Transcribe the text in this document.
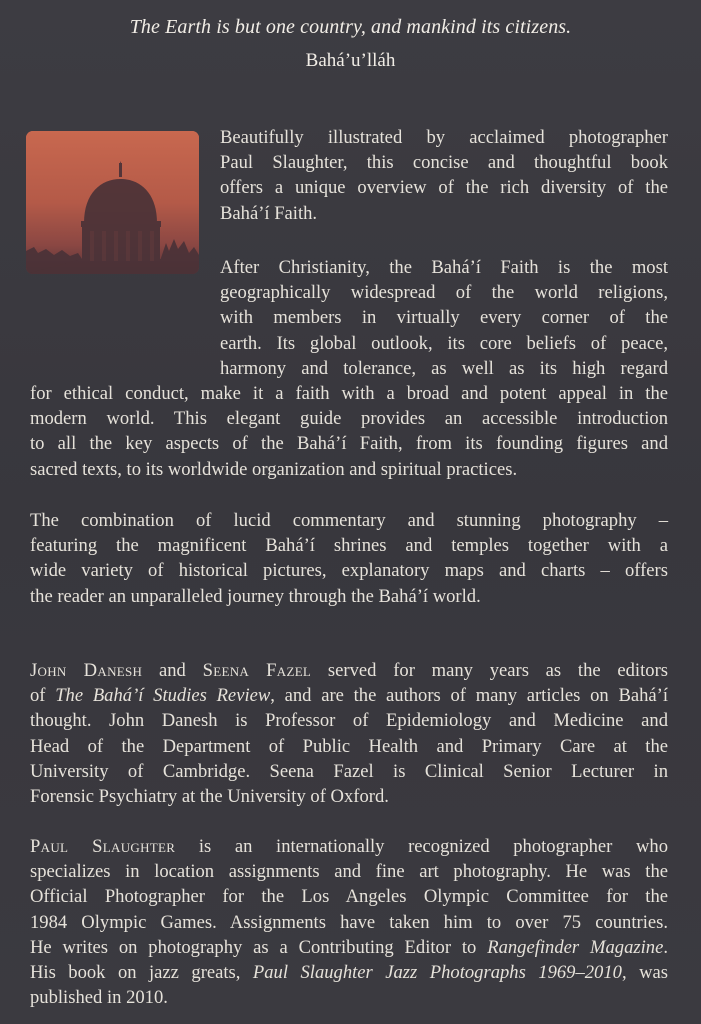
The Earth is but one country, and mankind its citizens.
Bahá’u’lláh
Beautifully illustrated by acclaimed photographer
Paul Slaughter, this concise and thoughtful book
offers a unique overview of the rich diversity of the
Bahá’í Faith.
After Christianity, the Bahá’í Faith is the most
geographically widespread of the world religions,
with members in virtually every corner of the
earth. Its global outlook, its core beliefs of peace,
harmony and tolerance, as well as its high regard
for ethical conduct, make it a faith with a broad and potent appeal in the
modern world. This elegant guide provides an accessible introduction
to all the key aspects of the Bahá’í Faith, from its founding figures and
sacred texts, to its worldwide organization and spiritual practices.
The combination of lucid commentary and stunning photography –
featuring the magnificent Bahá’í shrines and temples together with a
wide variety of historical pictures, explanatory maps and charts – offers
the reader an unparalleled journey through the Bahá’í world.
John Danesh and Seena Fazel served for many years as the editors
of The Bahá’í Studies Review, and are the authors of many articles on Bahá’í
thought. John Danesh is Professor of Epidemiology and Medicine and
Head of the Department of Public Health and Primary Care at the
University of Cambridge. Seena Fazel is Clinical Senior Lecturer in
Forensic Psychiatry at the University of Oxford.
Paul Slaughter is an internationally recognized photographer who
specializes in location assignments and fine art photography. He was the
Official Photographer for the Los Angeles Olympic Committee for the
1984 Olympic Games. Assignments have taken him to over 75 countries.
He writes on photography as a Contributing Editor to Rangefinder Magazine.
His book on jazz greats, Paul Slaughter Jazz Photographs 1969–2010, was
published in 2010.
